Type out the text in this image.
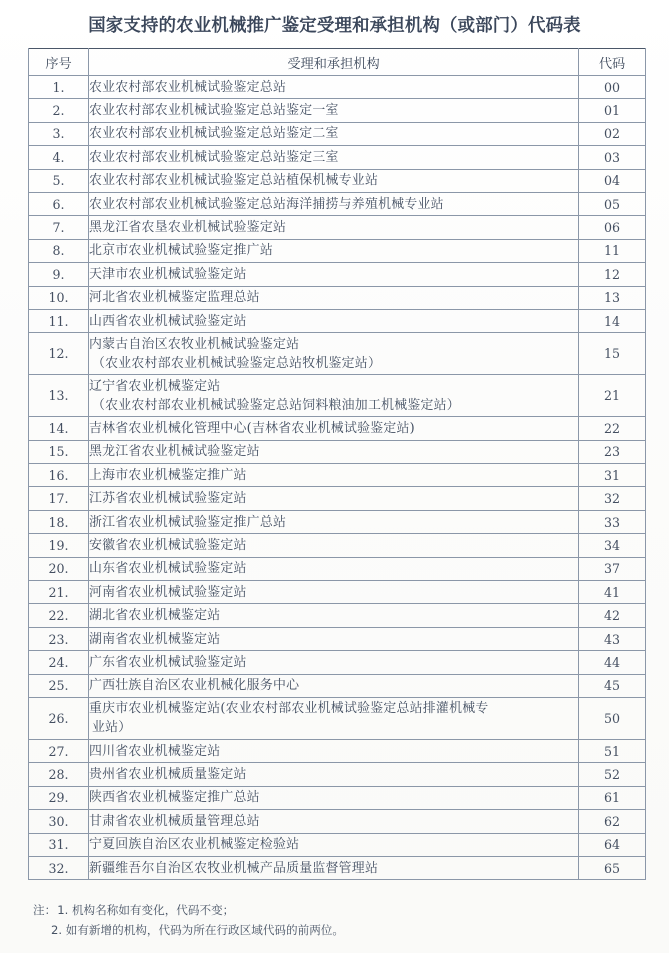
国家支持的农业机械推广鉴定受理和承担机构（或部门）代码表
序号	受理和承担机构	代码
1.	农业农村部农业机械试验鉴定总站	00
2.	农业农村部农业机械试验鉴定总站鉴定一室	01
3.	农业农村部农业机械试验鉴定总站鉴定二室	02
4.	农业农村部农业机械试验鉴定总站鉴定三室	03
5.	农业农村部农业机械试验鉴定总站植保机械专业站	04
6.	农业农村部农业机械试验鉴定总站海洋捕捞与养殖机械专业站	05
7.	黑龙江省农垦农业机械试验鉴定站	06
8.	北京市农业机械试验鉴定推广站	11
9.	天津市农业机械试验鉴定站	12
10.	河北省农业机械鉴定监理总站	13
11.	山西省农业机械试验鉴定站	14
12.	内蒙古自治区农牧业机械试验鉴定站
（农业农村部农业机械试验鉴定总站牧机鉴定站）	15
13.	辽宁省农业机械鉴定站
（农业农村部农业机械试验鉴定总站饲料粮油加工机械鉴定站）	21
14.	吉林省农业机械化管理中心(吉林省农业机械试验鉴定站)	22
15.	黑龙江省农业机械试验鉴定站	23
16.	上海市农业机械鉴定推广站	31
17.	江苏省农业机械试验鉴定站	32
18.	浙江省农业机械试验鉴定推广总站	33
19.	安徽省农业机械试验鉴定站	34
20.	山东省农业机械试验鉴定站	37
21.	河南省农业机械试验鉴定站	41
22.	湖北省农业机械鉴定站	42
23.	湖南省农业机械鉴定站	43
24.	广东省农业机械试验鉴定站	44
25.	广西壮族自治区农业机械化服务中心	45
26.	重庆市农业机械鉴定站(农业农村部农业机械试验鉴定总站排灌机械专
业站）	50
27.	四川省农业机械鉴定站	51
28.	贵州省农业机械质量鉴定站	52
29.	陕西省农业机械鉴定推广总站	61
30.	甘肃省农业机械质量管理总站	62
31.	宁夏回族自治区农业机械鉴定检验站	64
32.	新疆维吾尔自治区农牧业机械产品质量监督管理站	65
注：1. 机构名称如有变化，代码不变；
2. 如有新增的机构，代码为所在行政区域代码的前两位。
